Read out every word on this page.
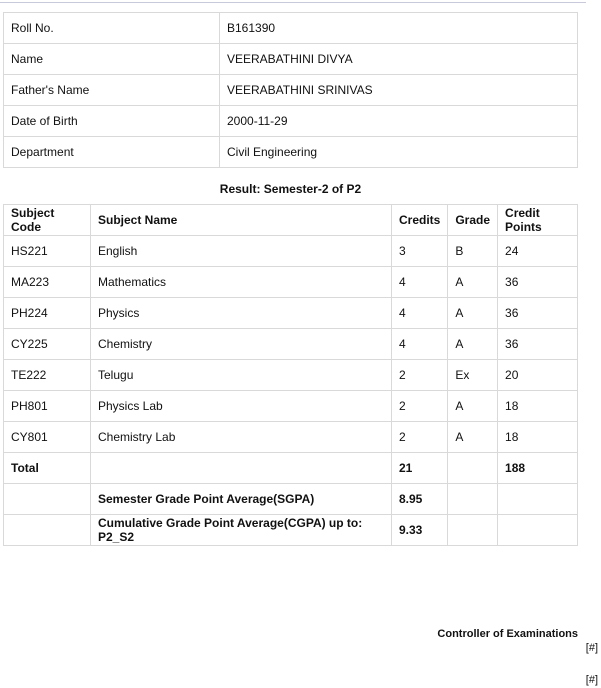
Roll No.	B161390
Name	VEERABATHINI DIVYA
Father's Name	VEERABATHINI SRINIVAS
Date of Birth	2000-11-29
Department	Civil Engineering
Result: Semester-2 of P2
Subject Code	Subject Name	Credits	Grade	Credit Points
HS221	English	3	B	24
MA223	Mathematics	4	A	36
PH224	Physics	4	A	36
CY225	Chemistry	4	A	36
TE222	Telugu	2	Ex	20
PH801	Physics Lab	2	A	18
CY801	Chemistry Lab	2	A	18
Total		21		188
	Semester Grade Point Average(SGPA)	8.95		
	Cumulative Grade Point Average(CGPA) up to: P2_S2	9.33		
Controller of Examinations
[#]
[#]
